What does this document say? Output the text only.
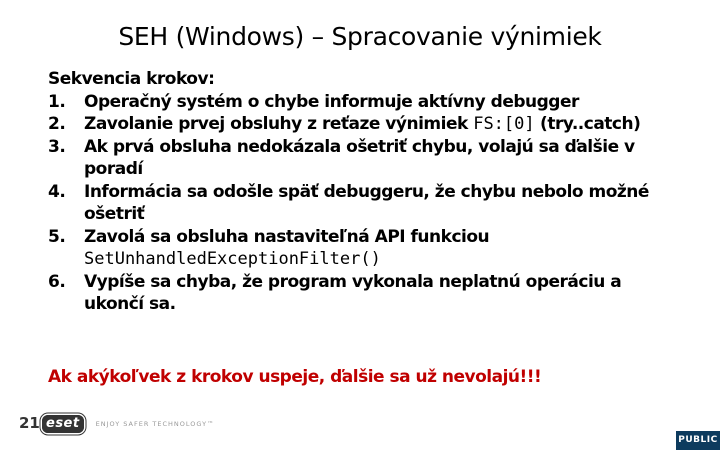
SEH (Windows) – Spracovanie výnimiek
Sekvencia krokov:
1. Operačný systém o chybe informuje aktívny debugger
2. Zavolanie prvej obsluhy z reťaze výnimiek FS:[0] (try..catch)
3. Ak prvá obsluha nedokázala ošetriť chybu, volajú sa ďalšie v poradí
4. Informácia sa odošle späť debuggeru, že chybu nebolo možné ošetriť
5. Zavolá sa obsluha nastaviteľná API funkciou
SetUnhandledExceptionFilter()
6. Vypíše sa chyba, že program vykonala neplatnú operáciu a ukončí sa.
Ak akýkoľvek z krokov uspeje, ďalšie sa už nevolajú!!!
21 eset	ENJOY SAFER TECHNOLOGY™
PUBLIC
